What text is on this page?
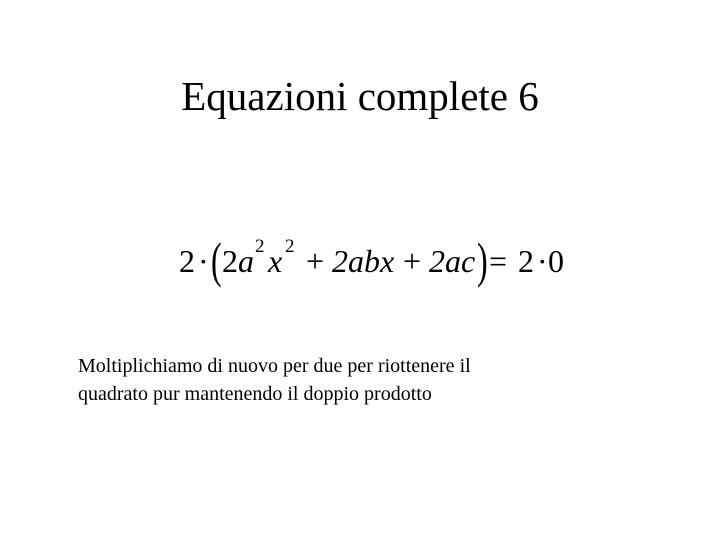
Equazioni complete 6
2 · ( 2 a 2 x 2 + 2abx + 2ac ) = 2 · 0
Moltiplichiamo di nuovo per due per riottenere il
quadrato pur mantenendo il doppio prodotto
